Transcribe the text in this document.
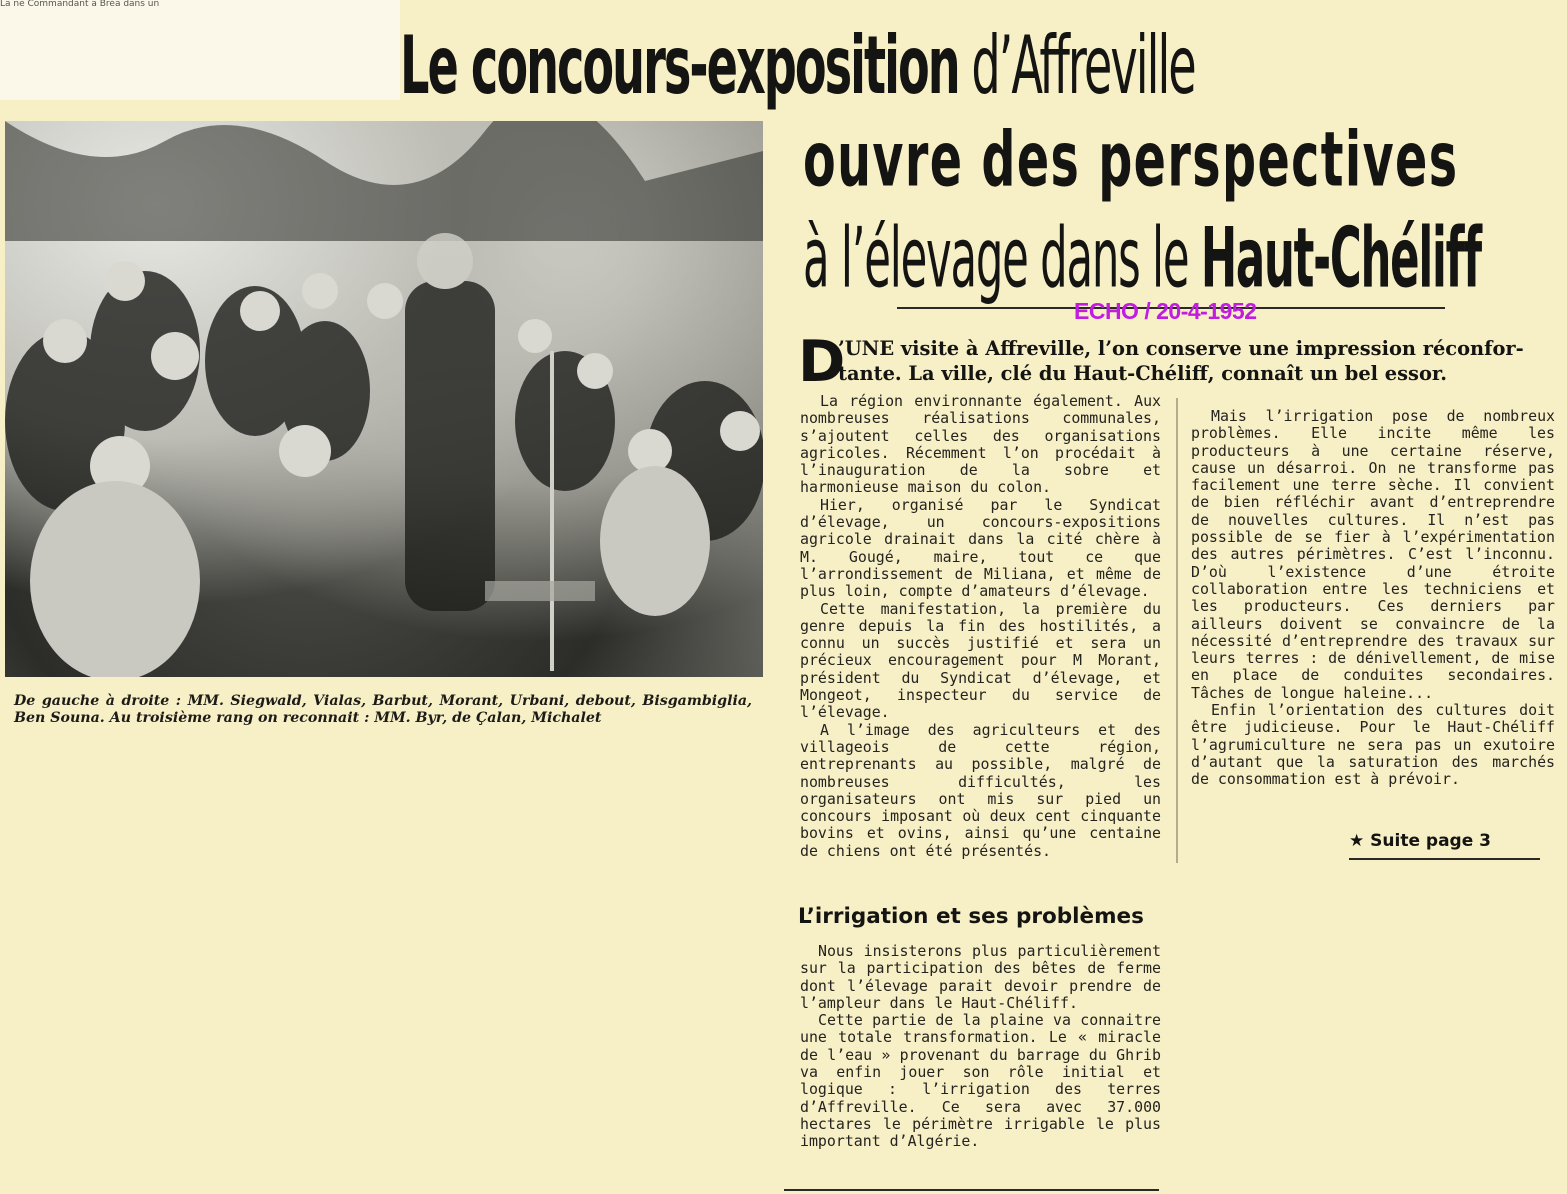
La ne Commandant a Bréa dans un
Le concours-exposition d’Affreville
ouvre des perspectives
à l’élevage dans le Haut-Chéliff
De gauche à droite : MM. Siegwald, Vialas, Barbut, Morant, Urbani, debout, Bisgambiglia, Ben Souna. Au troisième rang on reconnait : MM. Byr, de Çalan, Michalet
ECHO / 20-4-1952
D
’UNE visite à Affreville, l’on conserve une impression réconfor-
tante. La ville, clé du Haut-Chéliff, connaît un bel essor.

La région environnante également. Aux nombreuses réalisations communales, s’ajoutent celles des organisations agricoles. Récemment l’on procédait à l’inauguration de la sobre et harmonieuse maison du colon.

Hier, organisé par le Syndicat d’élevage, un concours-expositions agricole drainait dans la cité chère à M. Gougé, maire, tout ce que l’arrondissement de Miliana, et même de plus loin, compte d’amateurs d’élevage.

Cette manifestation, la première du genre depuis la fin des hostilités, a connu un succès justifié et sera un précieux encouragement pour M Morant, président du Syndicat d’élevage, et Mongeot, inspecteur du service de l’élevage.

A l’image des agriculteurs et des villageois de cette région, entreprenants au possible, malgré de nombreuses difficultés, les organisateurs ont mis sur pied un concours imposant où deux cent cinquante bovins et ovins, ainsi qu’une centaine de chiens ont été présentés.

L’irrigation et ses problèmes

Nous insisterons plus particulièrement sur la participation des bêtes de ferme dont l’élevage parait devoir prendre de l’ampleur dans le Haut-Chéliff.

Cette partie de la plaine va connaitre une totale transformation. Le « miracle de l’eau » provenant du barrage du Ghrib va enfin jouer son rôle initial et logique : l’irrigation des terres d’Affreville. Ce sera avec 37.000 hectares le périmètre irrigable le plus important d’Algérie.

Mais l’irrigation pose de nombreux problèmes. Elle incite même les producteurs à une certaine réserve, cause un désarroi. On ne transforme pas facilement une terre sèche. Il convient de bien réfléchir avant d’entreprendre de nouvelles cultures. Il n’est pas possible de se fier à l’expérimentation des autres périmètres. C’est l’inconnu. D’où l’existence d’une étroite collaboration entre les techniciens et les producteurs. Ces derniers par ailleurs doivent se convaincre de la nécessité d’entreprendre des travaux sur leurs terres : de dénivellement, de mise en place de conduites secondaires. Tâches de longue haleine...

Enfin l’orientation des cultures doit être judicieuse. Pour le Haut-Chéliff l’agrumiculture ne sera pas un exutoire d’autant que la saturation des marchés de consommation est à prévoir.

★ Suite page 3
